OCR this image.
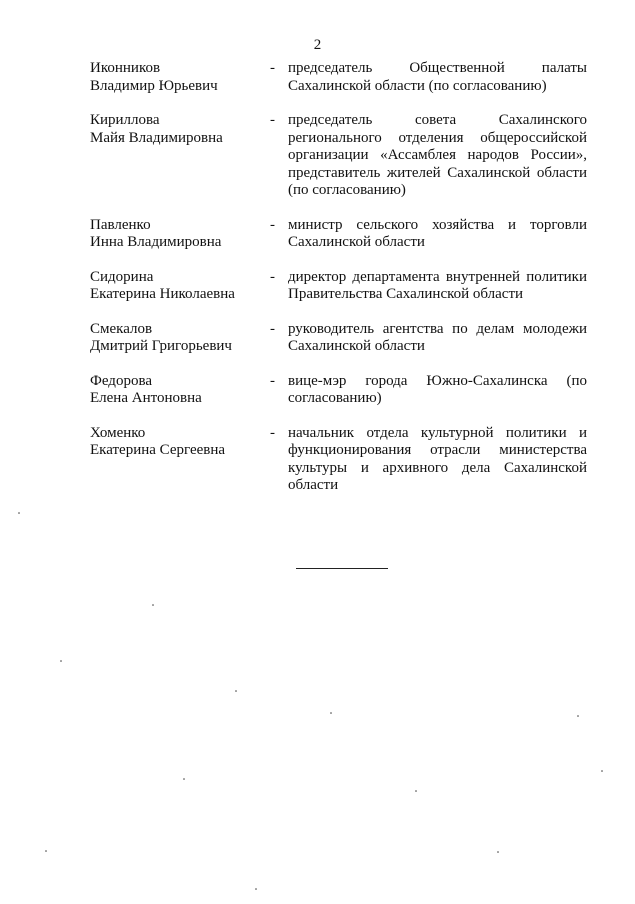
2
Иконников
Владимир Юрьевич
- председатель Общественной палаты
Сахалинской области (по согласованию)
Кириллова
Майя Владимировна
- председатель совета Сахалинского
регионального отделения общероссийской
организации «Ассамблея народов России»,
представитель жителей Сахалинской области
(по согласованию)
Павленко
Инна Владимировна
- министр сельского хозяйства и торговли
Сахалинской области
Сидорина
Екатерина Николаевна
- директор департамента внутренней политики
Правительства Сахалинской области
Смекалов
Дмитрий Григорьевич
- руководитель агентства по делам молодежи
Сахалинской области
Федорова
Елена Антоновна
- вице-мэр города Южно-Сахалинска (по
согласованию)
Хоменко
Екатерина Сергеевна
- начальник отдела культурной политики и
функционирования отрасли министерства
культуры и архивного дела Сахалинской
области
